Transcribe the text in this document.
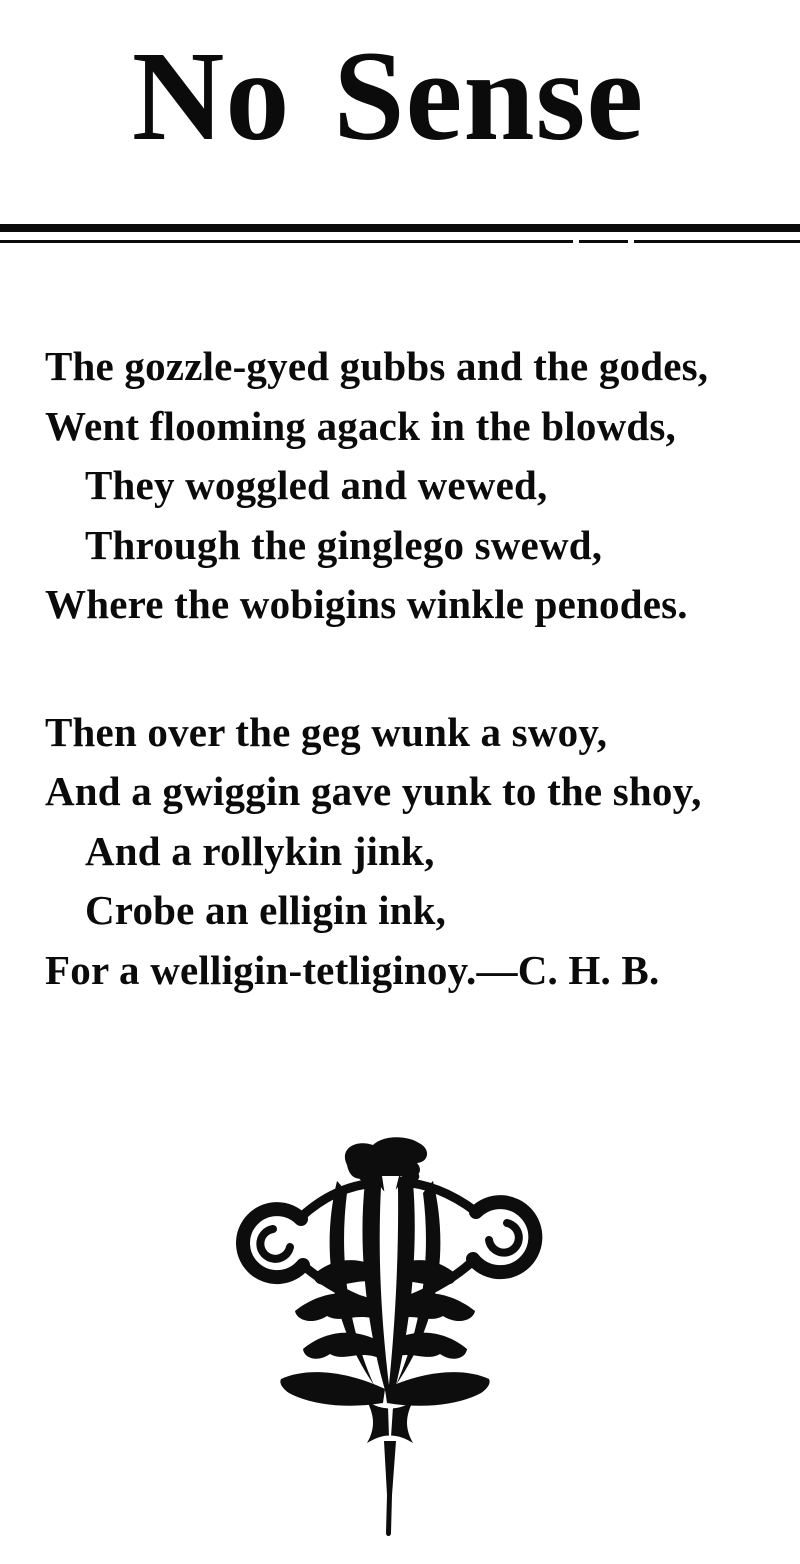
No Sense

The gozzle-gyed gubbs and the godes,

Went flooming agack in the blowds,

They woggled and wewed,

Through the ginglego swewd,

Where the wobigins winkle penodes.

Then over the geg wunk a swoy,

And a gwiggin gave yunk to the shoy,

And a rollykin jink,

Crobe an elligin ink,

For a welligin-tetliginoy.—C. H. B.
